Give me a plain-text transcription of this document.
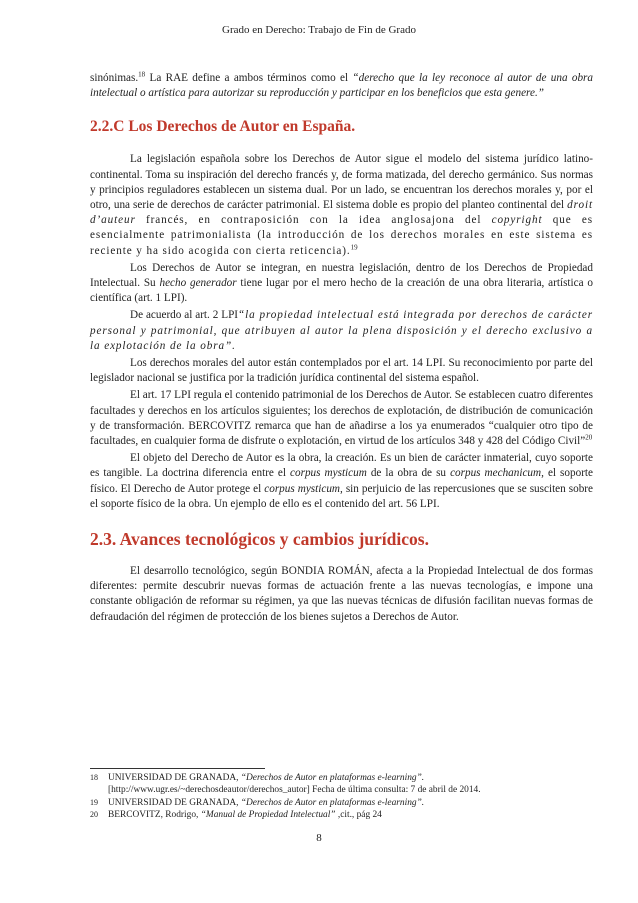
Grado en Derecho: Trabajo de Fin de Grado

sinónimas.$^{18}$ La RAE define a ambos términos como el “derecho que la ley reconoce al autor de una obra intelectual o artística para autorizar su reproducción y participar en los beneficios que esta genere.”

2.2.C Los Derechos de Autor en España.

La legislación española sobre los Derechos de Autor sigue el modelo del sistema jurídico latino-continental. Toma su inspiración del derecho francés y, de forma matizada, del derecho germánico. Sus normas y principios reguladores establecen un sistema dual. Por un lado, se encuentran los derechos morales y, por el otro, una serie de derechos de carácter patrimonial. El sistema doble es propio del planteo continental del droit d’auteur francés, en contraposición con la idea anglosajona del copyright que es esencialmente patrimonialista (la introducción de los derechos morales en este sistema es reciente y ha sido acogida con cierta reticencia).$^{19}$

Los Derechos de Autor se integran, en nuestra legislación, dentro de los Derechos de Propiedad Intelectual. Su hecho generador tiene lugar por el mero hecho de la creación de una obra literaria, artística o científica (art. 1 LPI).

De acuerdo al art. 2 LPI“la propiedad intelectual está integrada por derechos de carácter personal y patrimonial, que atribuyen al autor la plena disposición y el derecho exclusivo a la explotación de la obra”.

Los derechos morales del autor están contemplados por el art. 14 LPI. Su reconocimiento por parte del legislador nacional se justifica por la tradición jurídica continental del sistema español.

El art. 17 LPI regula el contenido patrimonial de los Derechos de Autor. Se establecen cuatro diferentes facultades y derechos en los artículos siguientes; los derechos de explotación, de distribución de comunicación y de transformación. BERCOVITZ remarca que han de añadirse a los ya enumerados “cualquier otro tipo de facultades, en cualquier forma de disfrute o explotación, en virtud de los artículos 348 y 428 del Código Civil”$^{20}$

El objeto del Derecho de Autor es la obra, la creación. Es un bien de carácter inmaterial, cuyo soporte es tangible. La doctrina diferencia entre el corpus mysticum de la obra de su corpus mechanicum, el soporte físico. El Derecho de Autor protege el corpus mysticum, sin perjuicio de las repercusiones que se susciten sobre el soporte físico de la obra. Un ejemplo de ello es el contenido del art. 56 LPI.

2.3. Avances tecnológicos y cambios jurídicos.

El desarrollo tecnológico, según BONDIA ROMÁN, afecta a la Propiedad Intelectual de dos formas diferentes: permite descubrir nuevas formas de actuación frente a las nuevas tecnologías, e impone una constante obligación de reformar su régimen, ya que las nuevas técnicas de difusión facilitan nuevas formas de defraudación del régimen de protección de los bienes sujetos a Derechos de Autor.

18 UNIVERSIDAD DE GRANADA, “Derechos de Autor en plataformas e-learning”.
[http://www.ugr.es/~derechosdeautor/derechos_autor] Fecha de última consulta: 7 de abril de 2014.
19 UNIVERSIDAD DE GRANADA, “Derechos de Autor en plataformas e-learning”.
20 BERCOVITZ, Rodrigo, “Manual de Propiedad Intelectual” ,cit., pág 24
8
